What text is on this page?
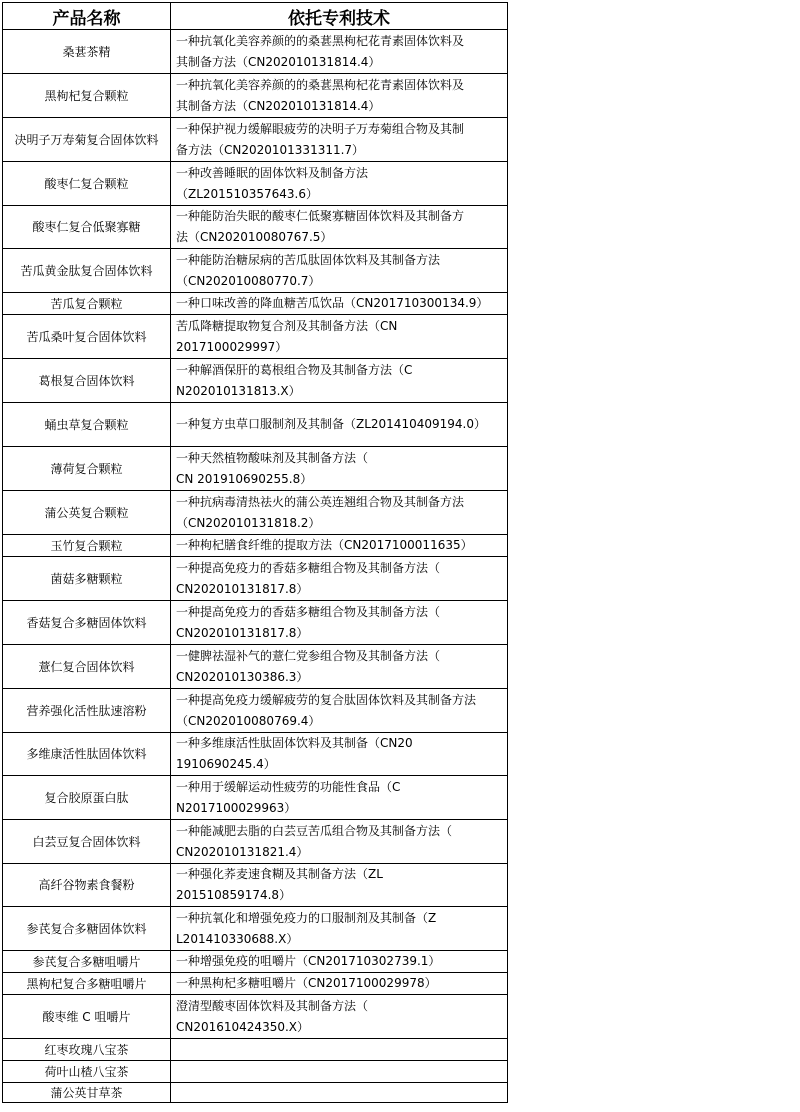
产品名称	依托专利技术
桑葚茶精	一种抗氧化美容养颜的的桑葚黑枸杞花青素固体饮料及
其制备方法（CN202010131814.4）

黑枸杞复合颗粒	一种抗氧化美容养颜的的桑葚黑枸杞花青素固体饮料及
其制备方法（CN202010131814.4）

决明子万寿菊复合固体饮料	一种保护视力缓解眼疲劳的决明子万寿菊组合物及其制
备方法（CN2020101331311.7）

酸枣仁复合颗粒	一种改善睡眠的固体饮料及制备方法
（ZL201510357643.6）

酸枣仁复合低聚寡糖	一种能防治失眠的酸枣仁低聚寡糖固体饮料及其制备方
法（CN202010080767.5）

苦瓜黄金肽复合固体饮料	一种能防治糖尿病的苦瓜肽固体饮料及其制备方法
（CN202010080770.7）

苦瓜复合颗粒	一种口味改善的降血糖苦瓜饮品（CN201710300134.9）
苦瓜桑叶复合固体饮料	苦瓜降糖提取物复合剂及其制备方法（CN
2017100029997）

葛根复合固体饮料	一种解酒保肝的葛根组合物及其制备方法（C
N202010131813.X）

蛹虫草复合颗粒	一种复方虫草口服制剂及其制备（ZL201410409194.0）
薄荷复合颗粒	一种天然植物酸味剂及其制备方法（
CN 201910690255.8）

蒲公英复合颗粒	一种抗病毒清热祛火的蒲公英连翘组合物及其制备方法
（CN202010131818.2）

玉竹复合颗粒	一种枸杞膳食纤维的提取方法（CN2017100011635）
菌菇多糖颗粒	一种提高免疫力的香菇多糖组合物及其制备方法（
CN202010131817.8）

香菇复合多糖固体饮料	一种提高免疫力的香菇多糖组合物及其制备方法（
CN202010131817.8）

薏仁复合固体饮料	一健脾祛湿补气的薏仁党参组合物及其制备方法（
CN202010130386.3）

营养强化活性肽速溶粉	一种提高免疫力缓解疲劳的复合肽固体饮料及其制备方法
（CN202010080769.4）

多维康活性肽固体饮料	一种多维康活性肽固体饮料及其制备（CN20
1910690245.4）

复合胶原蛋白肽	一种用于缓解运动性疲劳的功能性食品（C
N2017100029963）

白芸豆复合固体饮料	一种能减肥去脂的白芸豆苦瓜组合物及其制备方法（
CN202010131821.4）

高纤谷物素食餐粉	一种强化荞麦速食糊及其制备方法（ZL
201510859174.8）

参芪复合多糖固体饮料	一种抗氧化和增强免疫力的口服制剂及其制备（Z
L201410330688.X）

参芪复合多糖咀嚼片	一种增强免疫的咀嚼片（CN201710302739.1）
黑枸杞复合多糖咀嚼片	一种黑枸杞多糖咀嚼片（CN2017100029978）
酸枣维 C 咀嚼片	澄清型酸枣固体饮料及其制备方法（
CN201610424350.X）

红枣玫瑰八宝茶	
荷叶山楂八宝茶	
蒲公英甘草茶	
